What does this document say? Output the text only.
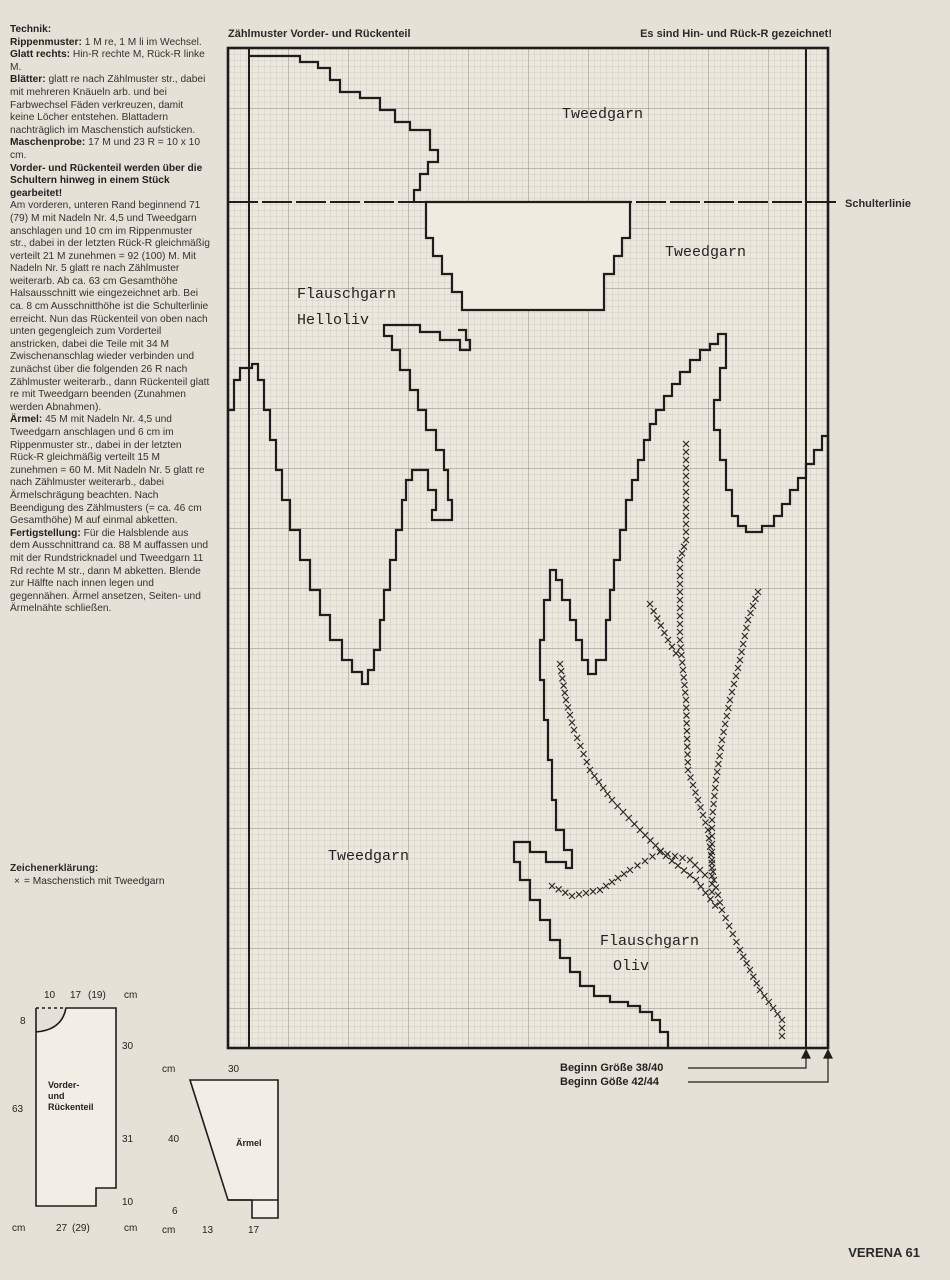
Technik:

Rippenmuster: 1 M re, 1 M li im Wechsel.

Glatt rechts: Hin-R rechte M, Rück-R linke M.

Blätter: glatt re nach Zählmuster str., dabei mit mehreren Knäueln arb. und bei Farbwechsel Fäden verkreuzen, damit keine Löcher entstehen. Blattadern nachträglich im Maschenstich aufsticken.

Maschenprobe: 17 M und 23 R = 10 x 10 cm.

Vorder- und Rückenteil werden über die Schultern hinweg in einem Stück gearbeitet!

Am vorderen, unteren Rand beginnend 71 (79) M mit Nadeln Nr. 4,5 und Tweedgarn anschlagen und 10 cm im Rippenmuster str., dabei in der letzten Rück-R gleichmäßig verteilt 21 M zunehmen = 92 (100) M. Mit Nadeln Nr. 5 glatt re nach Zählmuster weiterarb. Ab ca. 63 cm Gesamthöhe Halsausschnitt wie eingezeichnet arb. Bei ca. 8 cm Ausschnitthöhe ist die Schulterlinie erreicht. Nun das Rückenteil von oben nach unten gegengleich zum Vorderteil anstricken, dabei die Teile mit 34 M Zwischenanschlag wieder verbinden und zunächst über die folgenden 26 R nach Zählmuster weiterarb., dann Rückenteil glatt re mit Tweedgarn beenden (Zunahmen werden Abnahmen).

Ärmel: 45 M mit Nadeln Nr. 4,5 und Tweedgarn anschlagen und 6 cm im Rippenmuster str., dabei in der letzten Rück-R gleichmäßig verteilt 15 M zunehmen = 60 M. Mit Nadeln Nr. 5 glatt re nach Zählmuster weiterarb., dabei Ärmelschrägung beachten. Nach Beendigung des Zählmusters (= ca. 46 cm Gesamthöhe) M auf einmal abketten.

Fertigstellung: Für die Halsblende aus dem Ausschnittrand ca. 88 M auffassen und mit der Rundstricknadel und Tweedgarn 11 Rd rechte M str., dann M abketten. Blende zur Hälfte nach innen legen und gegennähen. Ärmel ansetzen, Seiten- und Ärmelnähte schließen.

Zeichenerklärung:
× = Maschenstich mit Tweedgarn
Zählmuster Vorder- und Rückenteil	Es sind Hin- und Rück-R gezeichnet!
Schulterlinie
Tweedgarn
Tweedgarn
Flauschgarn
Helloliv
Tweedgarn
Flauschgarn
Oliv
Beginn Größe 38/40
Beginn Göße 42/44
10 17 (19) cm
8
63
30
31
10
Vorder-
und
Rückenteil
cm	27 (29)	cm
cm	30
40
6
Ärmel
cm	13	17
VERENA 61
